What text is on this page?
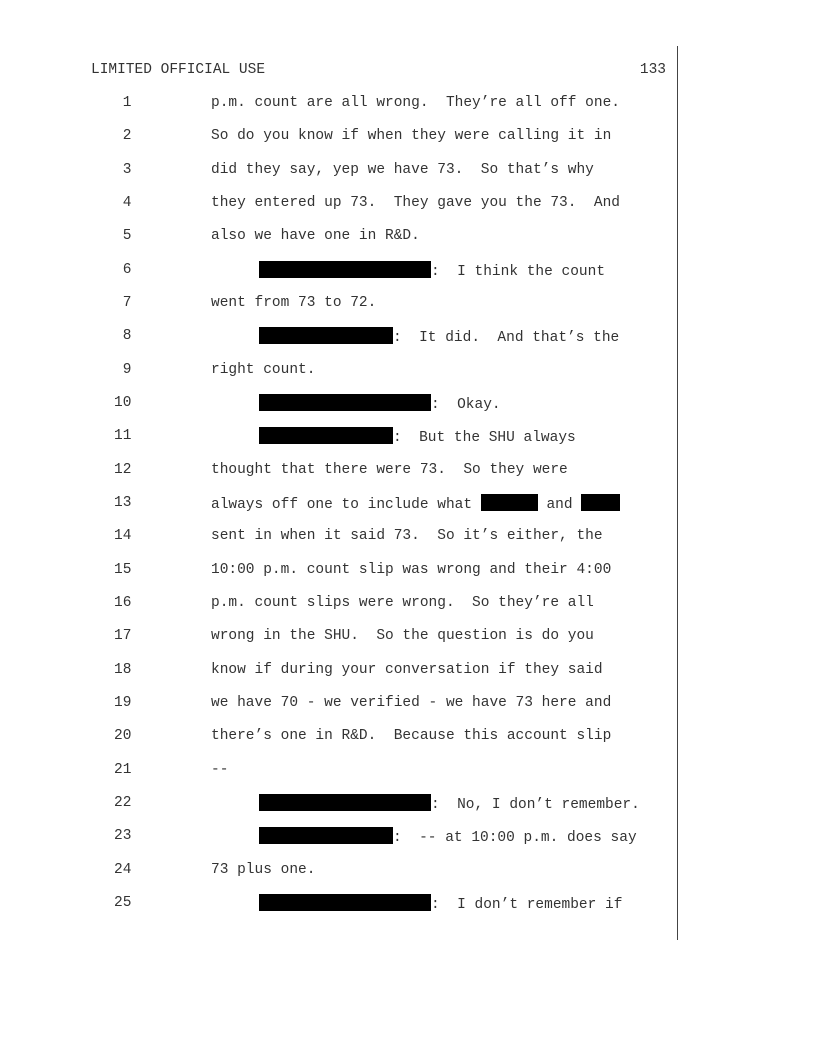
LIMITED OFFICIAL USE	133

1

	p.m. count are all wrong.  They’re all off one.

2

	So do you know if when they were calling it in

3

	did they say, yep we have 73.  So that’s why

4

	they entered up 73.  They gave you the 73.  And

5

	also we have one in R&D.

6

	:  I think the count

7

	went from 73 to 72.

8

	:  It did.  And that’s the

9

	right count.

10

	:  Okay.

11

	:  But the SHU always

12

	thought that there were 73.  So they were

13

	always off one to include what	and

14

	sent in when it said 73.  So it’s either, the

15

	10:00 p.m. count slip was wrong and their 4:00

16

	p.m. count slips were wrong.  So they’re all

17

	wrong in the SHU.  So the question is do you

18

	know if during your conversation if they said

19

	we have 70 - we verified - we have 73 here and

20

	there’s one in R&D.  Because this account slip

21

	--

22

	:  No, I don’t remember.

23

	:  -- at 10:00 p.m. does say

24

	73 plus one.

25

	:  I don’t remember if
